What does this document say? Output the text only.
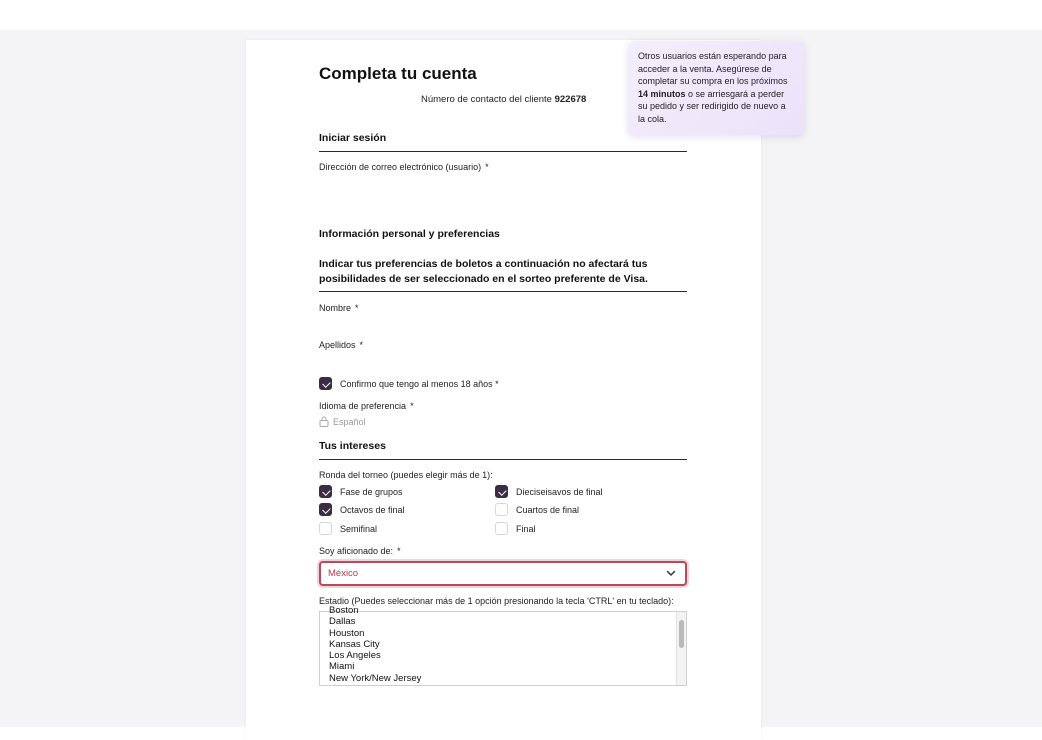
Completa tu cuenta
Número de contacto del cliente 922678
Otros usuarios están esperando para acceder a la venta. Asegúrese de completar su compra en los próximos 14 minutos o se arriesgará a perder su pedido y ser redirigido de nuevo a la cola.
Iniciar sesión
Dirección de correo electrónico (usuario) *
Información personal y preferencias
Indicar tus preferencias de boletos a continuación no afectará tus posibilidades de ser seleccionado en el sorteo preferente de Visa.
Nombre *
Apellidos *
Confirmo que tengo al menos 18 años *
Idioma de preferencia *
Español
Tus intereses
Ronda del torneo (puedes elegir más de 1):
Fase de grupos	Dieciseisavos de final
Octavos de final	Cuartos de final
Semifinal	Final
Soy aficionado de: *
México
Estadio (Puedes seleccionar más de 1 opción presionando la tecla 'CTRL' en tu teclado):
Boston
Dallas
Houston
Kansas City
Los Angeles
Miami
New York/New Jersey
